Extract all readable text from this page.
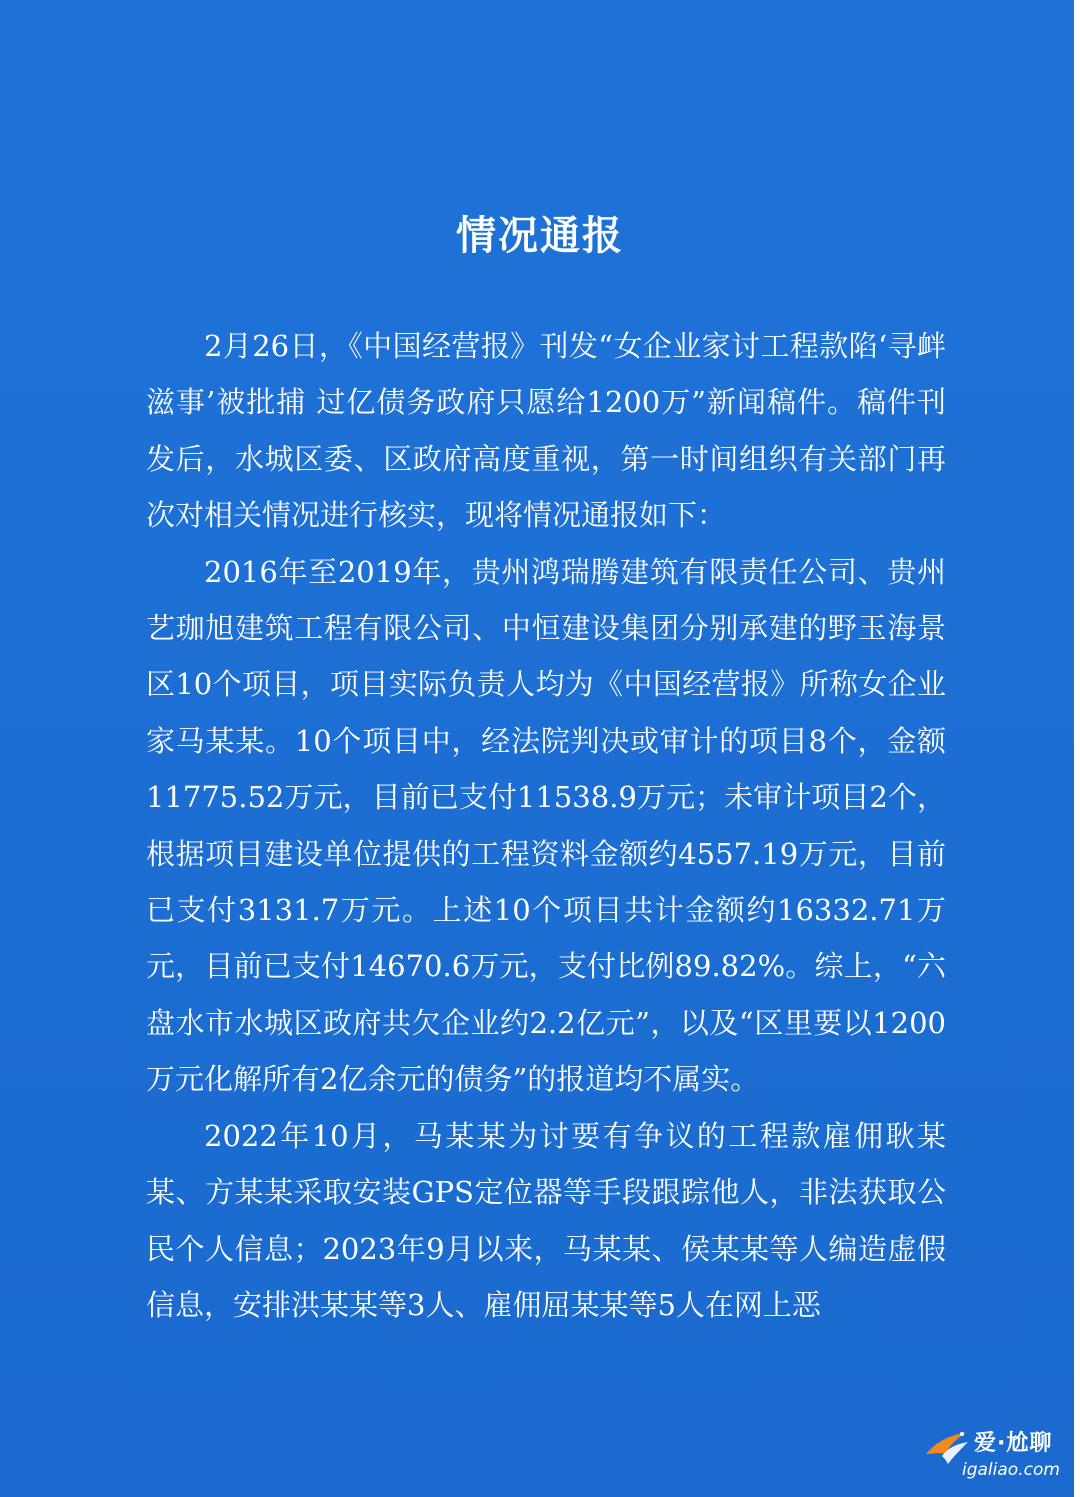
情况通报

2月26日，《中国经营报》刊发“女企业家讨工程款陷‘寻衅滋事’被批捕 过亿债务政府只愿给1200万”新闻稿件。稿件刊发后，水城区委、区政府高度重视，第一时间组织有关部门再次对相关情况进行核实，现将情况通报如下：

2016年至2019年，贵州鸿瑞腾建筑有限责任公司、贵州艺珈旭建筑工程有限公司、中恒建设集团分别承建的野玉海景区10个项目，项目实际负责人均为《中国经营报》所称女企业家马某某。10个项目中，经法院判决或审计的项目8个，金额11775.52万元，目前已支付11538.9万元；未审计项目2个，根据项目建设单位提供的工程资料金额约4557.19万元，目前已支付3131.7万元。上述10个项目共计金额约16332.71万元，目前已支付14670.6万元，支付比例89.82%。综上，“六盘水市水城区政府共欠企业约2.2亿元”，以及“区里要以1200万元化解所有2亿余元的债务”的报道均不属实。

2022年10月，马某某为讨要有争议的工程款雇佣耿某某、方某某采取安装GPS定位器等手段跟踪他人，非法获取公民个人信息；2023年9月以来，马某某、侯某某等人编造虚假信息，安排洪某某等3人、雇佣屈某某等5人在网上恶

爱·尬聊
igaliao.com
